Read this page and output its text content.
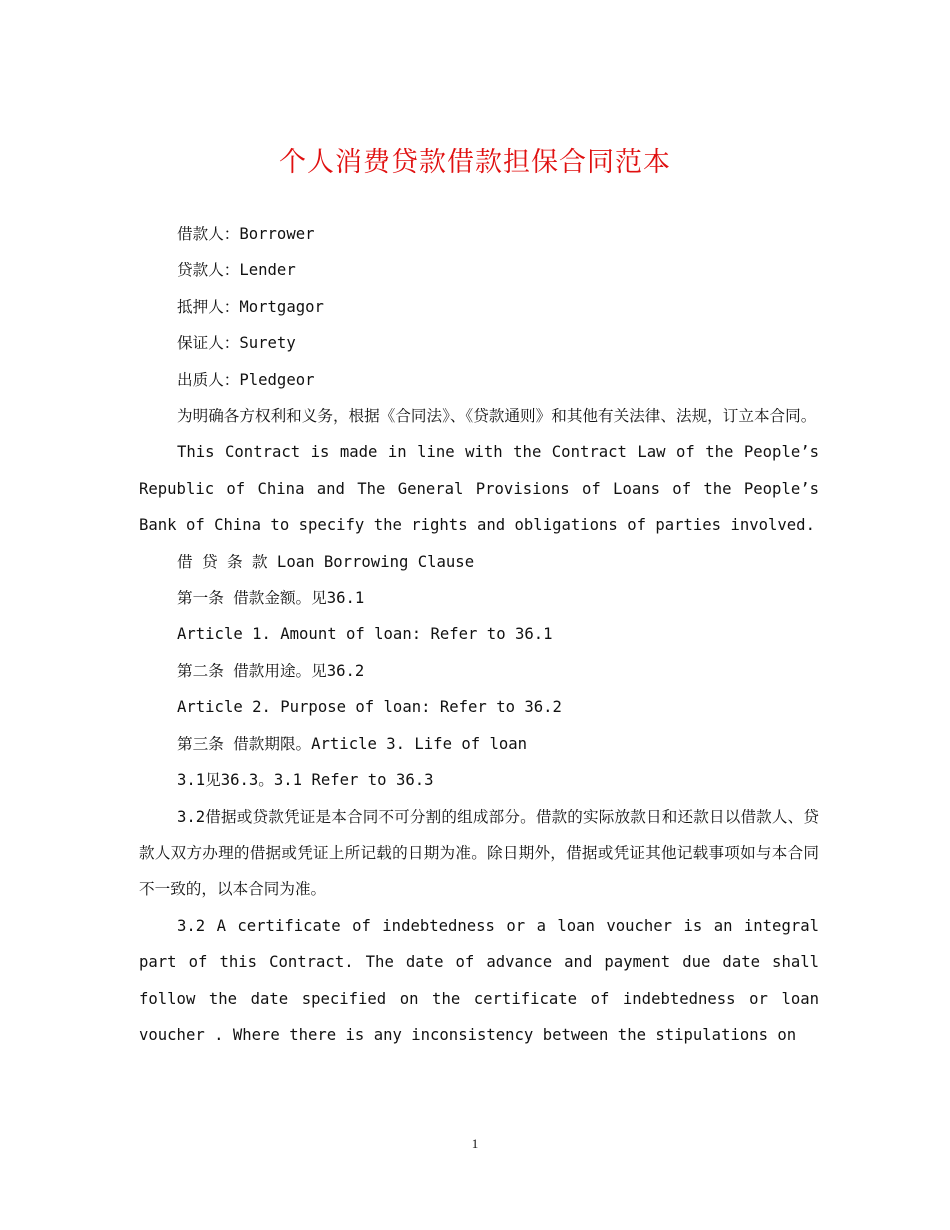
个人消费贷款借款担保合同范本

借款人：Borrower

贷款人：Lender

抵押人：Mortgagor

保证人：Surety

出质人：Pledgeor

为明确各方权利和义务，根据《合同法》、《贷款通则》和其他有关法律、法规，订立本合同。

This Contract is made in line with the Contract Law of the People’s Republic of China and The General Provisions of Loans of the People’s Bank of China to specify the rights and obligations of parties involved.

借 贷 条 款 Loan Borrowing Clause

第一条 借款金额。见36.1

Article 1. Amount of loan: Refer to 36.1

第二条 借款用途。见36.2

Article 2. Purpose of loan: Refer to 36.2

第三条 借款期限。Article 3. Life of loan

3.1见36.3。3.1 Refer to 36.3

3.2借据或贷款凭证是本合同不可分割的组成部分。借款的实际放款日和还款日以借款人、贷款人双方办理的借据或凭证上所记载的日期为准。除日期外，借据或凭证其他记载事项如与本合同不一致的，以本合同为准。

3.2 A certificate of indebtedness or a loan voucher is an integral part of this Contract. The date of advance and payment due date shall follow the date specified on the certificate of indebtedness or loan voucher . Where there is any inconsistency between the stipulations on

1
